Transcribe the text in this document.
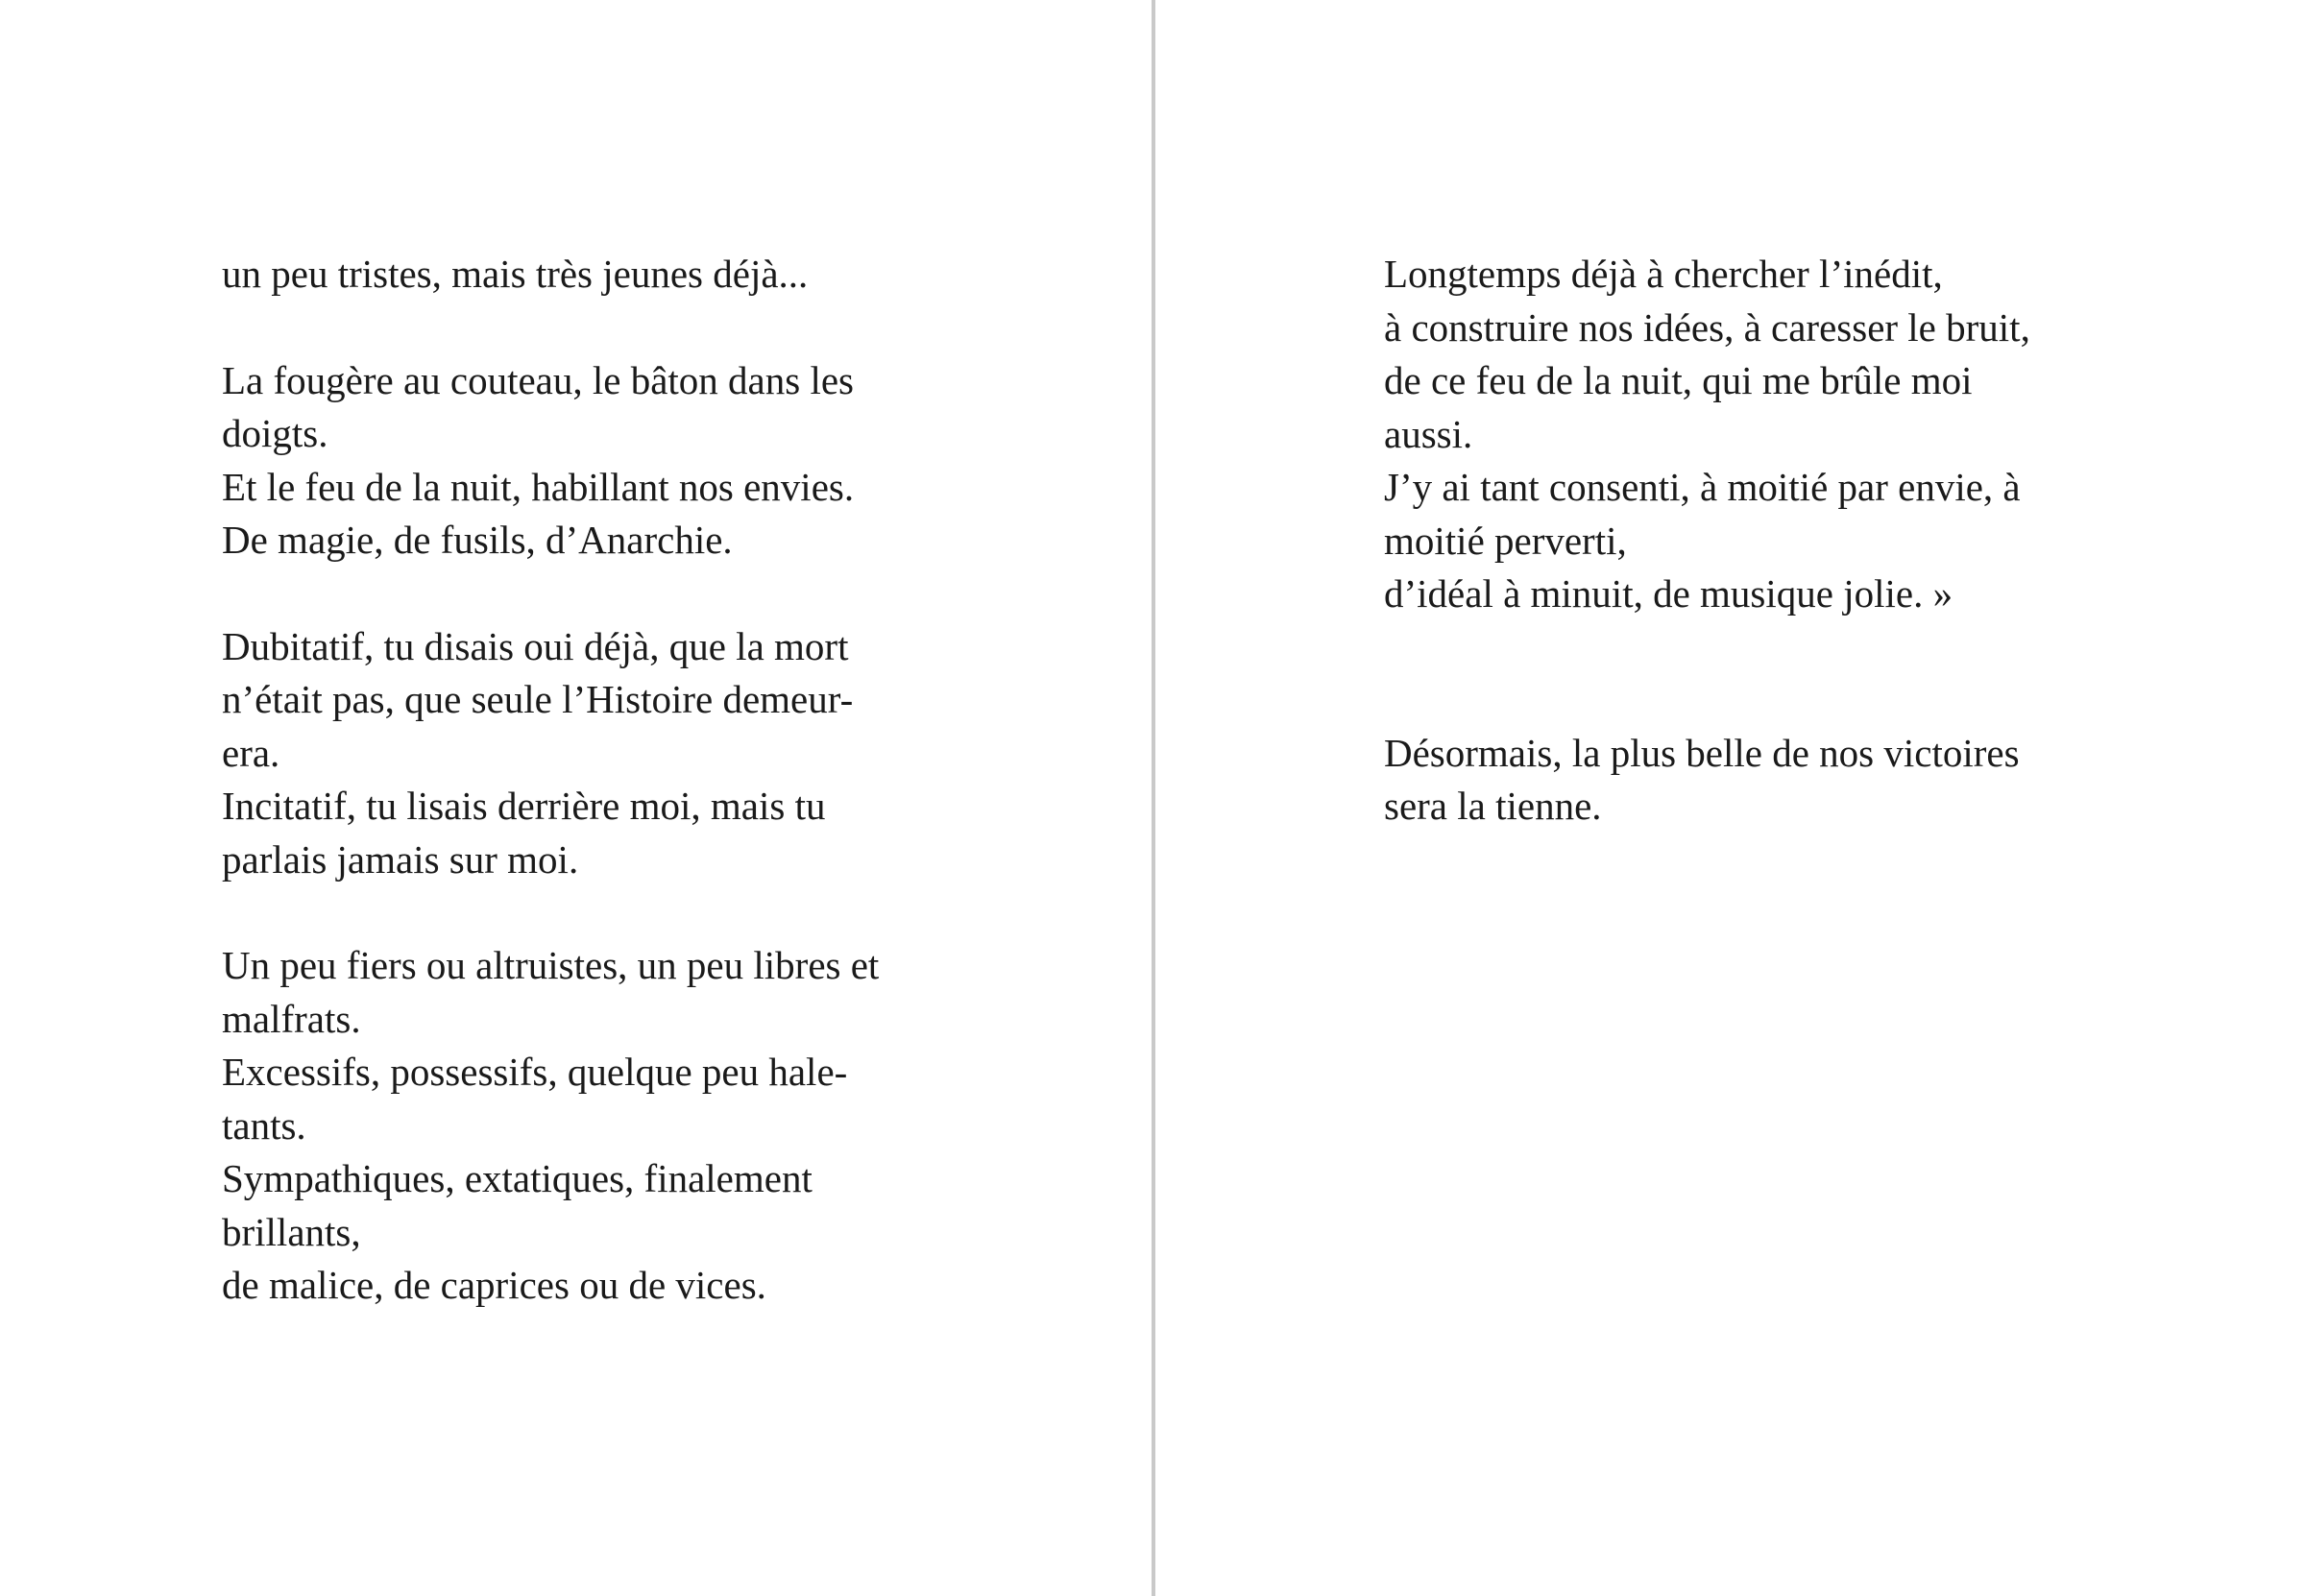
un peu tristes, mais très jeunes déjà...
La fougère au couteau, le bâton dans les
doigts.
Et le feu de la nuit, habillant nos envies.
De magie, de fusils, d’Anarchie.
Dubitatif, tu disais oui déjà, que la mort
n’était pas, que seule l’Histoire demeur-
era.
Incitatif, tu lisais derrière moi, mais tu
parlais jamais sur moi.
Un peu fiers ou altruistes, un peu libres et
malfrats.
Excessifs, possessifs, quelque peu hale-
tants.
Sympathiques, extatiques, finalement
brillants,
de malice, de caprices ou de vices.
Longtemps déjà à chercher l’inédit,
à construire nos idées, à caresser le bruit,
de ce feu de la nuit, qui me brûle moi
aussi.
J’y ai tant consenti, à moitié par envie, à
moitié perverti,
d’idéal à minuit, de musique jolie. »
Désormais, la plus belle de nos victoires
sera la tienne.
